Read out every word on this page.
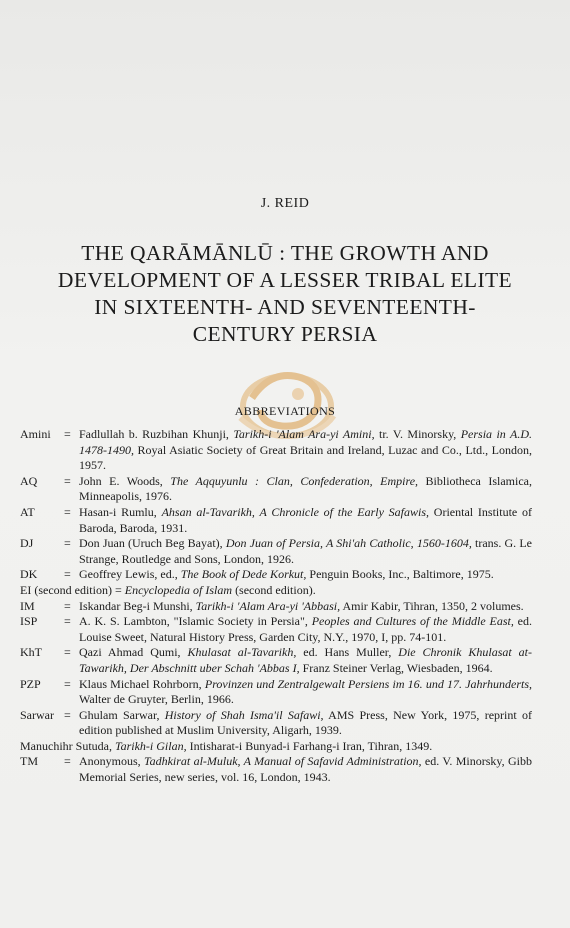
J. REID
THE QARĀMĀNLŪ : THE GROWTH AND
DEVELOPMENT OF A LESSER TRIBAL ELITE
IN SIXTEENTH- AND SEVENTEENTH-
CENTURY PERSIA
ABBREVIATIONS
Amini	= Fadlullah b. Ruzbihan Khunji, Tarikh-i 'Alam Ara-yi Amini, tr. V. Minorsky, Persia in A.D. 1478-1490, Royal Asiatic Society of Great Britain and Ireland, Luzac and Co., Ltd., London, 1957.
AQ	= John E. Woods, The Aqquyunlu : Clan, Confederation, Empire, Bibliotheca Islamica, Minneapolis, 1976.
AT	= Hasan-i Rumlu, Ahsan al-Tavarikh, A Chronicle of the Early Safawis, Oriental Institute of Baroda, Baroda, 1931.
DJ	= Don Juan (Uruch Beg Bayat), Don Juan of Persia, A Shi'ah Catholic, 1560-1604, trans. G. Le Strange, Routledge and Sons, London, 1926.
DK	= Geoffrey Lewis, ed., The Book of Dede Korkut, Penguin Books, Inc., Baltimore, 1975.
EI (second edition) = Encyclopedia of Islam (second edition).
IM	= Iskandar Beg-i Munshi, Tarikh-i 'Alam Ara-yi 'Abbasi, Amir Kabir, Tihran, 1350, 2 volumes.
ISP	= A. K. S. Lambton, "Islamic Society in Persia", Peoples and Cultures of the Middle East, ed. Louise Sweet, Natural History Press, Garden City, N.Y., 1970, I, pp. 74-101.
KhT	= Qazi Ahmad Qumi, Khulasat al-Tavarikh, ed. Hans Muller, Die Chronik Khulasat at-Tawarikh, Der Abschnitt uber Schah 'Abbas I, Franz Steiner Verlag, Wiesbaden, 1964.
PZP	= Klaus Michael Rohrborn, Provinzen und Zentralgewalt Persiens im 16. und 17. Jahrhunderts, Walter de Gruyter, Berlin, 1966.
Sarwar = Ghulam Sarwar, History of Shah Isma'il Safawi, AMS Press, New York, 1975, reprint of edition published at Muslim University, Aligarh, 1939.
Manuchihr Sutuda, Tarikh-i Gilan, Intisharat-i Bunyad-i Farhang-i Iran, Tihran, 1349.
TM	= Anonymous, Tadhkirat al-Muluk, A Manual of Safavid Administration, ed. V. Minorsky, Gibb Memorial Series, new series, vol. 16, London, 1943.
